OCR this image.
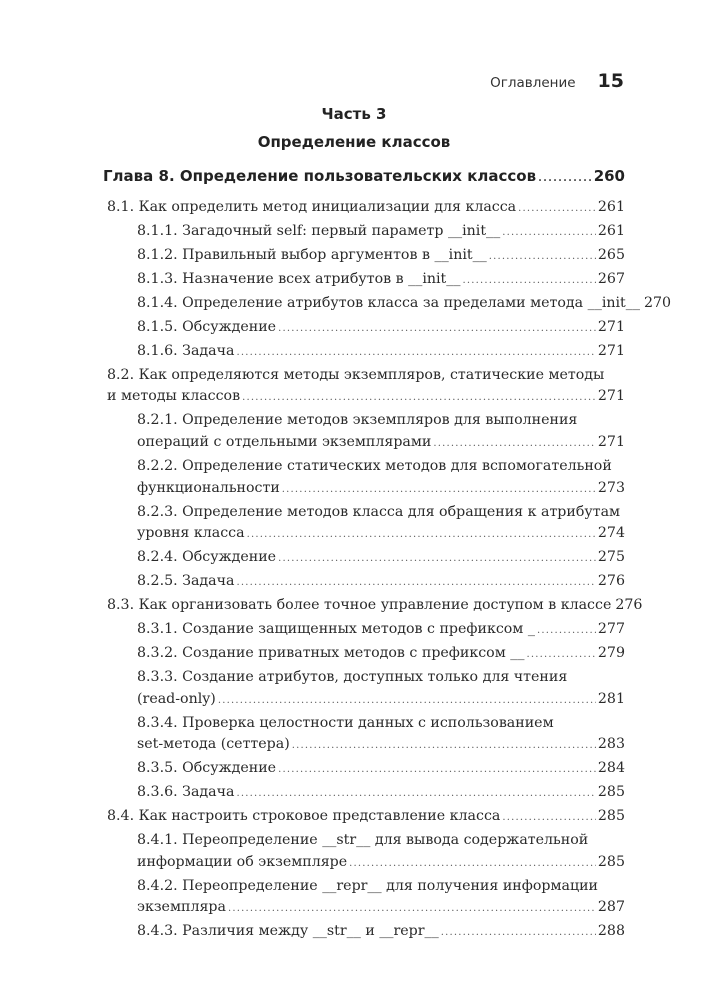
Оглавление 15
Часть 3
Определение классов
Глава 8. Определение пользовательских классов .....	260
8.1. Как определить метод инициализации для класса .....	261
8.1.1. Загадочный self: первый параметр __init__ .....	261
8.1.2. Правильный выбор аргументов в __init__ .....	265
8.1.3. Назначение всех атрибутов в __init__ .....	267
8.1.4. Определение атрибутов класса за пределами метода __init__ 270
8.1.5. Обсуждение .....	271
8.1.6. Задача .....	271
8.2. Как определяются методы экземпляров, статические методы
и методы классов .....	271
8.2.1. Определение методов экземпляров для выполнения
операций с отдельными экземплярами .....	271
8.2.2. Определение статических методов для вспомогательной
функциональности .....	273
8.2.3. Определение методов класса для обращения к атрибутам
уровня класса .....	274
8.2.4. Обсуждение .....	275
8.2.5. Задача .....	276
8.3. Как организовать более точное управление доступом в классе 276
8.3.1. Создание защищенных методов с префиксом _ .....	277
8.3.2. Создание приватных методов с префиксом __ .....	279
8.3.3. Создание атрибутов, доступных только для чтения
(read-only) .....	281
8.3.4. Проверка целостности данных с использованием
set-метода (сеттера) .....	283
8.3.5. Обсуждение .....	284
8.3.6. Задача .....	285
8.4. Как настроить строковое представление класса .....	285
8.4.1. Переопределение __str__ для вывода содержательной
информации об экземпляре .....	285
8.4.2. Переопределение __repr__ для получения информации
экземпляра .....	287
8.4.3. Различия между __str__ и __repr__ .....	288
